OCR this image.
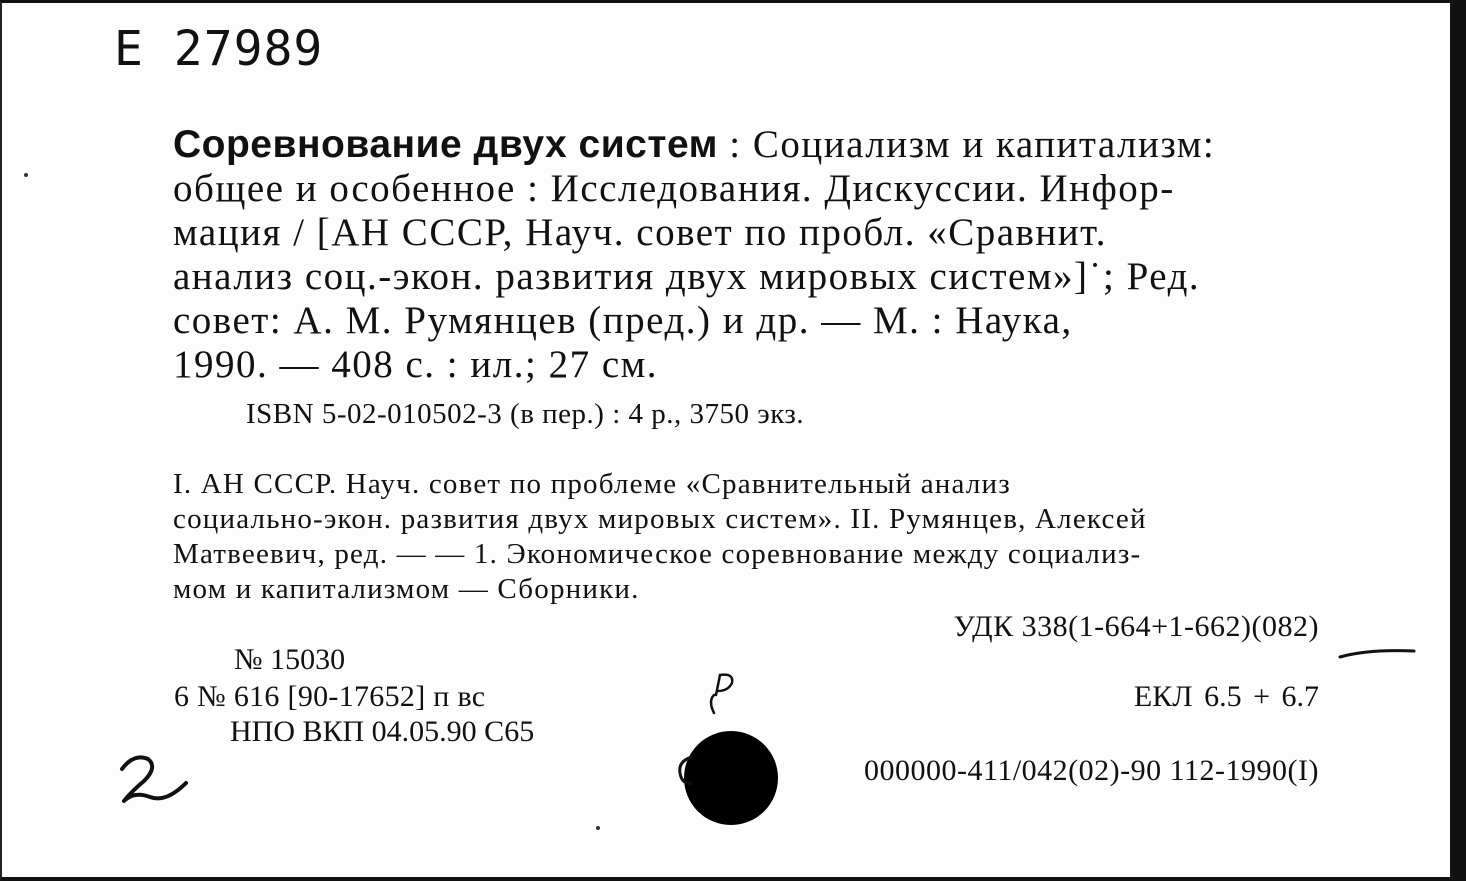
Е 27989
Соревнование двух систем : Социализм и капитализм:
общее и особенное : Исследования. Дискуссии. Инфор-
мация / [АН СССР, Науч. совет по пробл. «Сравнит.
анализ соц.-экон. развития двух мировых систем»]˙; Ред.
совет: А. М. Румянцев (пред.) и др. — М. : Наука,
1990. — 408 с. : ил.; 27 см.
ISBN 5-02-010502-3 (в пер.) : 4 р., 3750 экз.
I. АН СССР. Науч. совет по проблеме «Сравнительный анализ
социально-экон. развития двух мировых систем». II. Румянцев, Алексей
Матвеевич, ред. — — 1. Экономическое соревнование между социализ-
мом и капитализмом — Сборники.
УДК 338(1-664+1-662)(082)
№ 15030
6 № 616 [90-17652] п вс	ЕКЛ 6.5 + 6.7
НПО ВКП 04.05.90 С65
000000-411/042(02)-90 112-1990(I)
